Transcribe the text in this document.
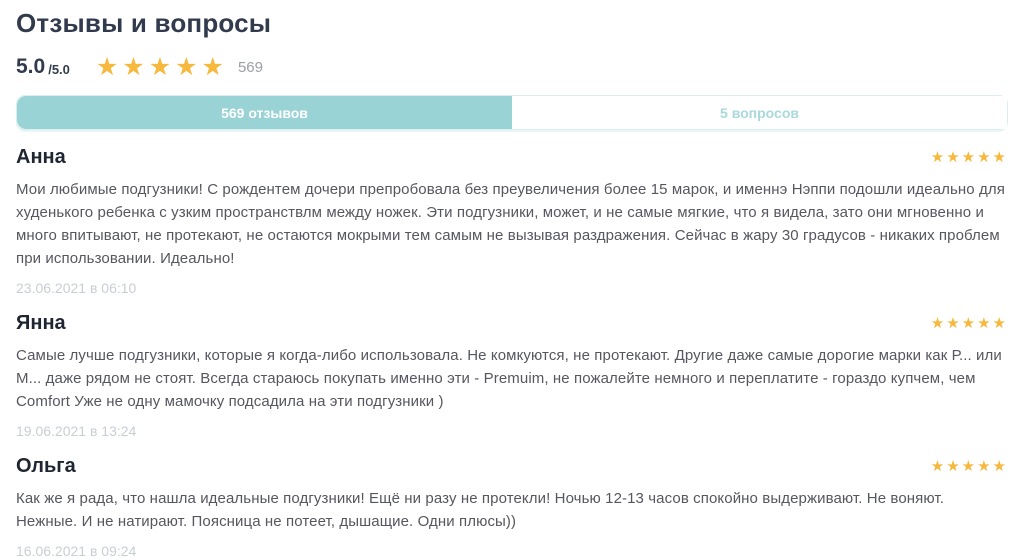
Отзывы и вопросы
5.0 /5.0 ★★★★★ 569
569 отзывов	5 вопросов
Анна	★★★★★

Мои любимые подгузники! С рождентем дочери препробовала без преувеличения более 15 марок, и именнэ Нэппи подошли идеально для худенького ребенка с узким пространствлм между ножек. Эти подгузники, может, и не самые мягкие, что я видела, зато они мгновенно и много впитывают, не протекают, не остаются мокрыми тем самым не вызывая раздражения. Сейчас в жару 30 градусов - никаких проблем при использовании. Идеально!

23.06.2021 в 06:10
Янна	★★★★★

Самые лучше подгузники, которые я когда-либо использовала. Не комкуются, не протекают. Другие даже самые дорогие марки как Р... или М... даже рядом не стоят. Всегда стараюсь покупать именно эти - Premuim, не пожалейте немного и переплатите - гораздо купчем, чем Comfort Уже не одну мамочку подсадила на эти подгузники )

19.06.2021 в 13:24
Ольга	★★★★★

Как же я рада, что нашла идеальные подгузники! Ещё ни разу не протекли! Ночью 12-13 часов спокойно выдерживают. Не воняют. Нежные. И не натирают. Поясница не потеет, дышащие. Одни плюсы))

16.06.2021 в 09:24
